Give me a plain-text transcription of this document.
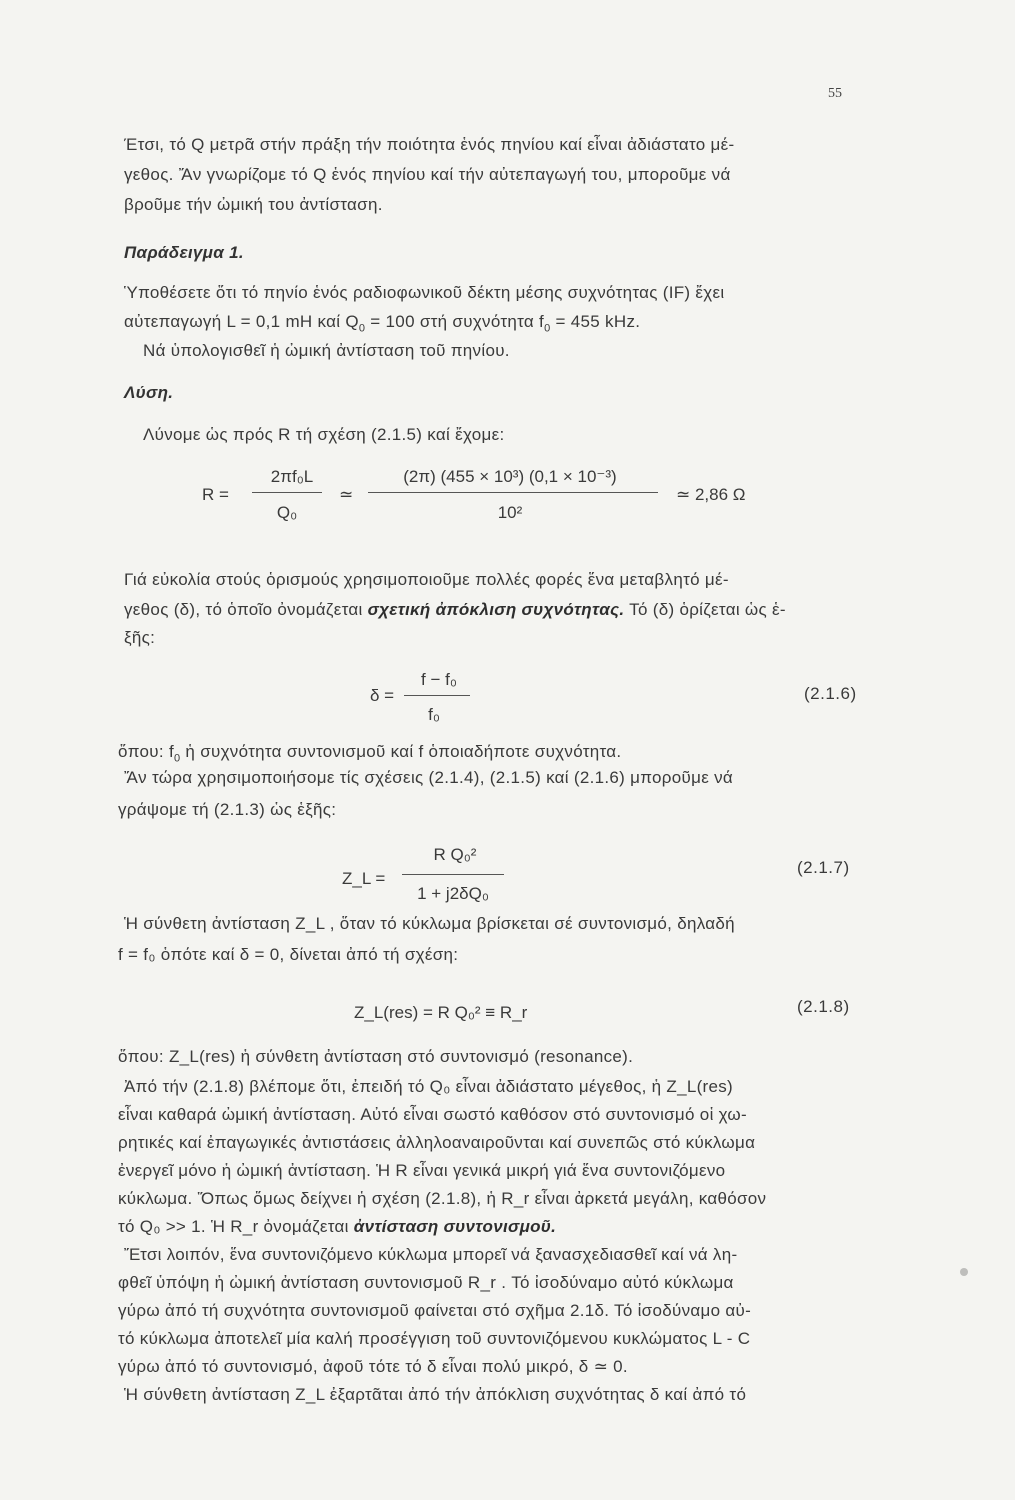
55
Έτσι, τό Q μετρᾶ στήν πράξη τήν ποιότητα ἑνός πηνίου καί εἶναι ἀδιάστατο μέ-
γεθος. Ἄν γνωρίζομε τό Q ἑνός πηνίου καί τήν αὐτεπαγωγή του, μποροῦμε νά
βροῦμε τήν ὠμική του ἀντίσταση.
Παράδειγμα 1.
Ὑποθέσετε ὅτι τό πηνίο ἑνός ραδιοφωνικοῦ δέκτη μέσης συχνότητας (IF) ἔχει
αὐτεπαγωγή L = 0,1 mH καί $Q_0 = 100$ στή συχνότητα $f_0 = 455$ kHz.
Νά ὑπολογισθεῖ ἡ ὠμική ἀντίσταση τοῦ πηνίου.
Λύση.
Λύνομε ὡς πρός R τή σχέση (2.1.5) καί ἔχομε:
R =
2πf₀L
Q₀
≃
(2π) (455 × 10³) (0,1 × 10⁻³)
10²
≃ 2,86 Ω
Γιά εὐκολία στούς ὁρισμούς χρησιμοποιοῦμε πολλές φορές ἕνα μεταβλητό μέ-
γεθος (δ), τό ὁποῖο ὀνομάζεται σχετική ἀπόκλιση συχνότητας. Τό (δ) ὁρίζεται ὡς ἑ-
ξῆς:
δ =
f − f₀
f₀
(2.1.6)
ὅπου: $f_0$ ἡ συχνότητα συντονισμοῦ καί f ὁποιαδήποτε συχνότητα.
Ἄν τώρα χρησιμοποιήσομε τίς σχέσεις (2.1.4), (2.1.5) καί (2.1.6) μποροῦμε νά
γράψομε τή (2.1.3) ὡς ἑξῆς:
Z_L =
R Q₀²
1 + j2δQ₀
(2.1.7)
Ἡ σύνθετη ἀντίσταση Z_L , ὅταν τό κύκλωμα βρίσκεται σέ συντονισμό, δηλαδή
f = f₀ ὁπότε καί δ = 0, δίνεται ἀπό τή σχέση:
Z_L(res) = R Q₀² ≡ R_r	(2.1.8)
ὅπου: Z_L(res) ἡ σύνθετη ἀντίσταση στό συντονισμό (resonance).
Ἀπό τήν (2.1.8) βλέπομε ὅτι, ἐπειδή τό Q₀ εἶναι ἀδιάστατο μέγεθος, ἡ Z_L(res)
εἶναι καθαρά ὠμική ἀντίσταση. Αὐτό εἶναι σωστό καθόσον στό συντονισμό οἱ χω-
ρητικές καί ἐπαγωγικές ἀντιστάσεις ἀλληλοαναιροῦνται καί συνεπῶς στό κύκλωμα
ἐνεργεῖ μόνο ἡ ὠμική ἀντίσταση. Ἡ R εἶναι γενικά μικρή γιά ἕνα συντονιζόμενο
κύκλωμα. Ὅπως ὅμως δείχνει ἡ σχέση (2.1.8), ἡ R_r εἶναι ἀρκετά μεγάλη, καθόσον
τό Q₀ >> 1. Ἡ R_r ὀνομάζεται ἀντίσταση συντονισμοῦ.
Ἔτσι λοιπόν, ἕνα συντονιζόμενο κύκλωμα μπορεῖ νά ξανασχεδιασθεῖ καί νά λη-
φθεῖ ὑπόψη ἡ ὠμική ἀντίσταση συντονισμοῦ R_r . Τό ἰσοδύναμο αὐτό κύκλωμα
γύρω ἀπό τή συχνότητα συντονισμοῦ φαίνεται στό σχῆμα 2.1δ. Τό ἰσοδύναμο αὐ-
τό κύκλωμα ἀποτελεῖ μία καλή προσέγγιση τοῦ συντονιζόμενου κυκλώματος L - C
γύρω ἀπό τό συντονισμό, ἀφοῦ τότε τό δ εἶναι πολύ μικρό, δ ≃ 0.
Ἡ σύνθετη ἀντίσταση Z_L ἐξαρτᾶται ἀπό τήν ἀπόκλιση συχνότητας δ καί ἀπό τό
